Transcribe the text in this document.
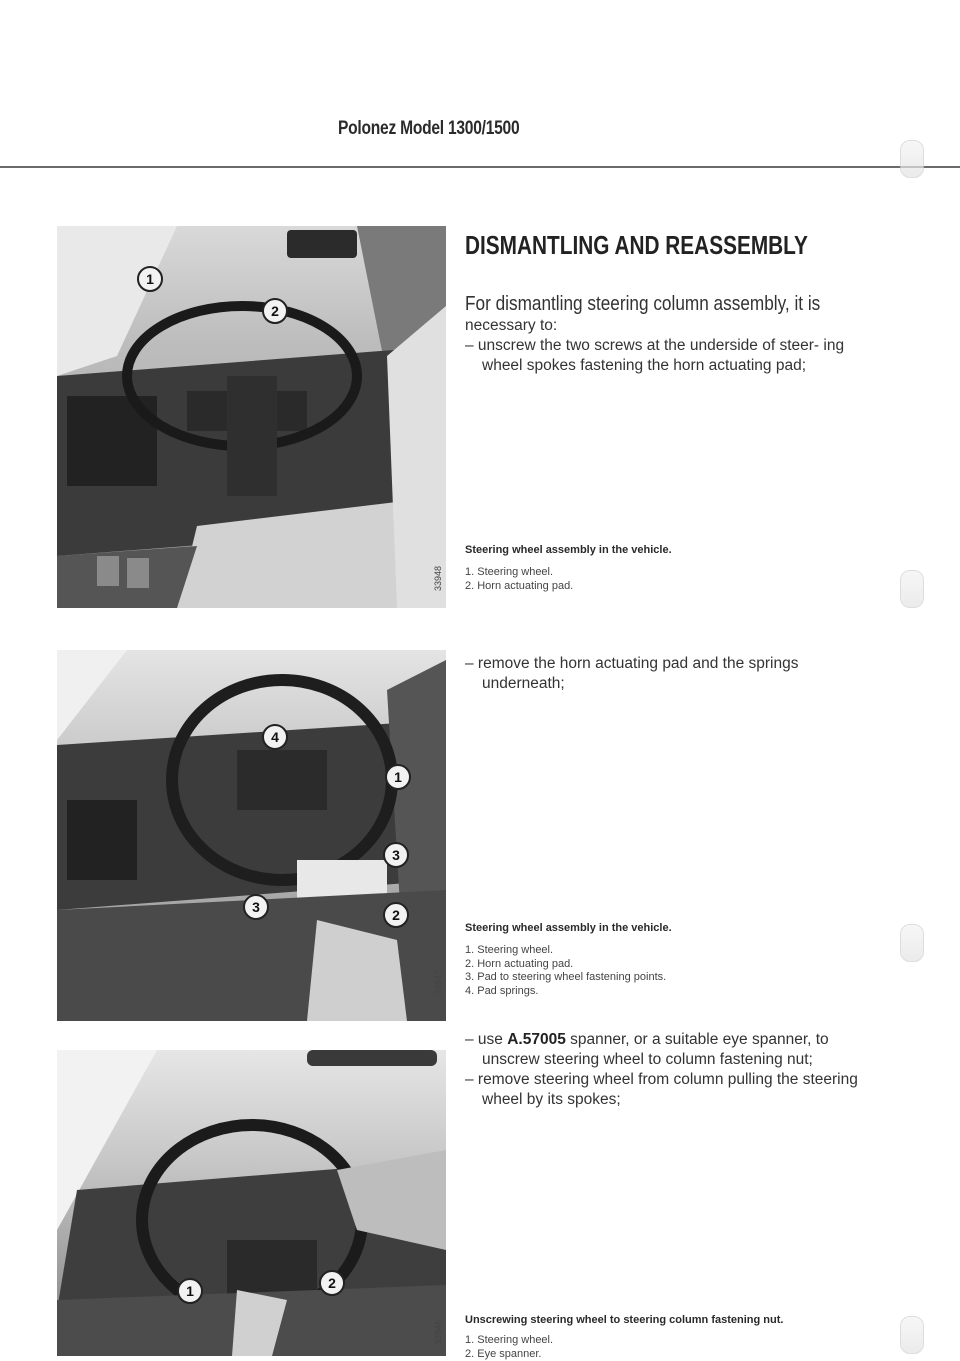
Polonez Model 1300/1500
1
2
33948
4
1
3
3	2
33947
1	2
33946
DISMANTLING AND REASSEMBLY
For dismantling steering column assembly, it is
necessary to:

– unscrew the two screws at the underside of steer- ing wheel spokes fastening the horn actuating pad;

Steering wheel assembly in the vehicle.
1. Steering wheel.
2. Horn actuating pad.

– remove the horn actuating pad and the springs underneath;

Steering wheel assembly in the vehicle.
1. Steering wheel.
2. Horn actuating pad.
3. Pad to steering wheel fastening points.
4. Pad springs.

– use A.57005 spanner, or a suitable eye spanner, to unscrew steering wheel to column fastening nut;

– remove steering wheel from column pulling the steering wheel by its spokes;

Unscrewing steering wheel to steering column fastening nut.
1. Steering wheel.
2. Eye spanner.
